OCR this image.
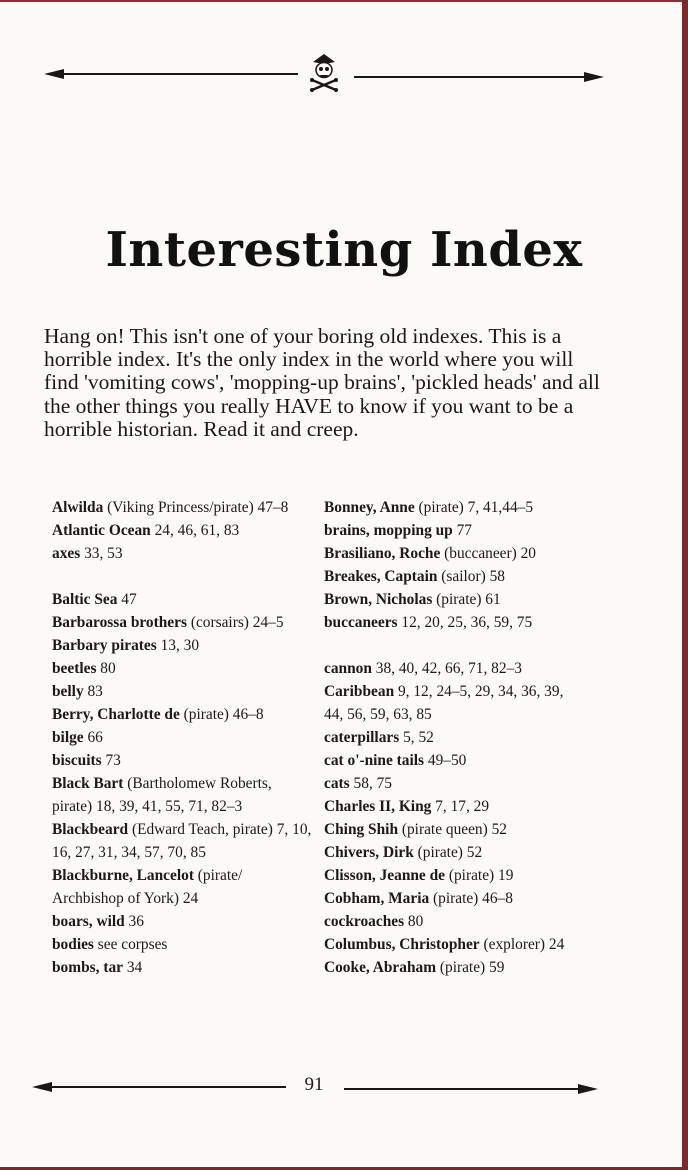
Interesting Index

Hang on! This isn't one of your boring old indexes. This is a horrible index. It's the only index in the world where you will find 'vomiting cows', 'mopping-up brains', 'pickled heads' and all the other things you really HAVE to know if you want to be a horrible historian. Read it and creep.

Alwilda (Viking Princess/pirate) 47–8

Atlantic Ocean 24, 46, 61, 83

axes 33, 53

Baltic Sea 47

Barbarossa brothers (corsairs) 24–5

Barbary pirates 13, 30

beetles 80

belly 83

Berry, Charlotte de (pirate) 46–8

bilge 66

biscuits 73

Black Bart (Bartholomew Roberts, pirate) 18, 39, 41, 55, 71, 82–3

Blackbeard (Edward Teach, pirate) 7, 10, 16, 27, 31, 34, 57, 70, 85

Blackburne, Lancelot (pirate/ Archbishop of York) 24

boars, wild 36

bodies see corpses

bombs, tar 34

Bonney, Anne (pirate) 7, 41,44–5

brains, mopping up 77

Brasiliano, Roche (buccaneer) 20

Breakes, Captain (sailor) 58

Brown, Nicholas (pirate) 61

buccaneers 12, 20, 25, 36, 59, 75

cannon 38, 40, 42, 66, 71, 82–3

Caribbean 9, 12, 24–5, 29, 34, 36, 39, 44, 56, 59, 63, 85

caterpillars 5, 52

cat o'-nine tails 49–50

cats 58, 75

Charles II, King 7, 17, 29

Ching Shih (pirate queen) 52

Chivers, Dirk (pirate) 52

Clisson, Jeanne de (pirate) 19

Cobham, Maria (pirate) 46–8

cockroaches 80

Columbus, Christopher (explorer) 24

Cooke, Abraham (pirate) 59

91
